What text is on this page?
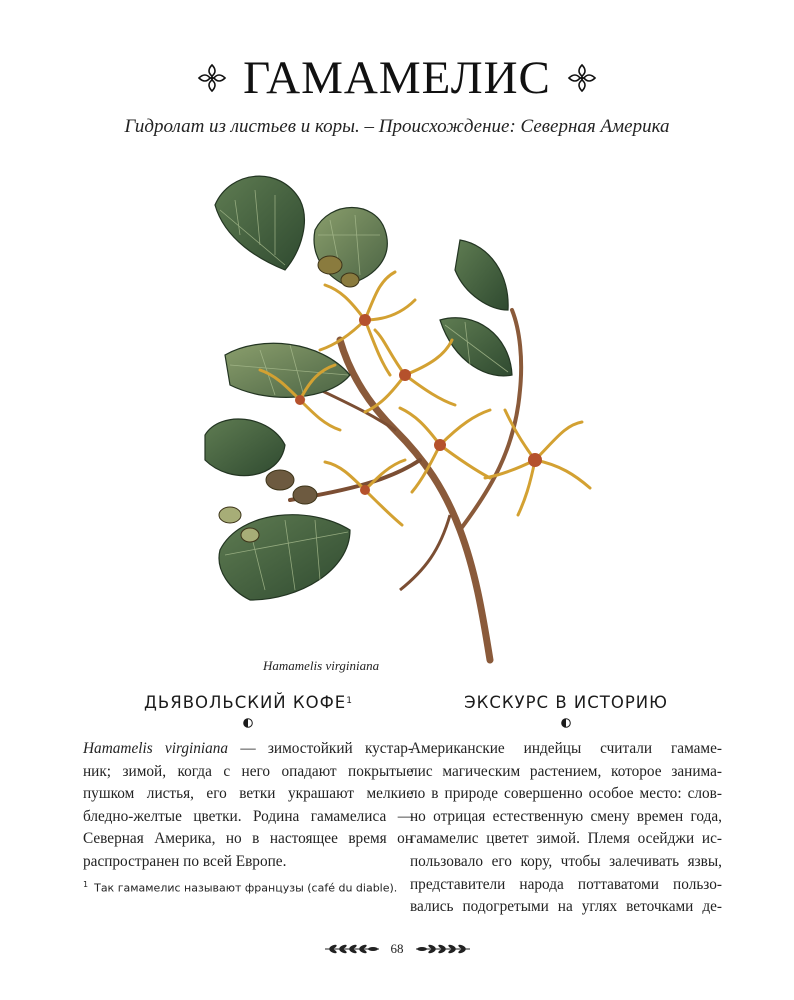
ГАМАМЕЛИС
Гидролат из листьев и коры. – Происхождение: Северная Америка
Hamamelis virginiana
ДЬЯВОЛЬСКИЙ КОФЕ$^1$
Hamamelis virginiana — зимостойкий кустар-
ник; зимой, когда с него опадают покрытые
пушком листья, его ветки украшают мелкие
бледно-желтые цветки. Родина гамамелиса —
Северная Америка, но в настоящее время он
распространен по всей Европе.
$^1$ Так гамамелис называют французы (café du diable).
ЭКСКУРС В ИСТОРИЮ
Американские индейцы считали гамаме-
лис магическим растением, которое занима-
ло в природе совершенно особое место: слов-
но отрицая естественную смену времен года,
гамамелис цветет зимой. Племя осейджи ис-
пользовало его кору, чтобы залечивать язвы,
представители народа поттаватоми пользо-
вались подогретыми на углях веточками де-
68
